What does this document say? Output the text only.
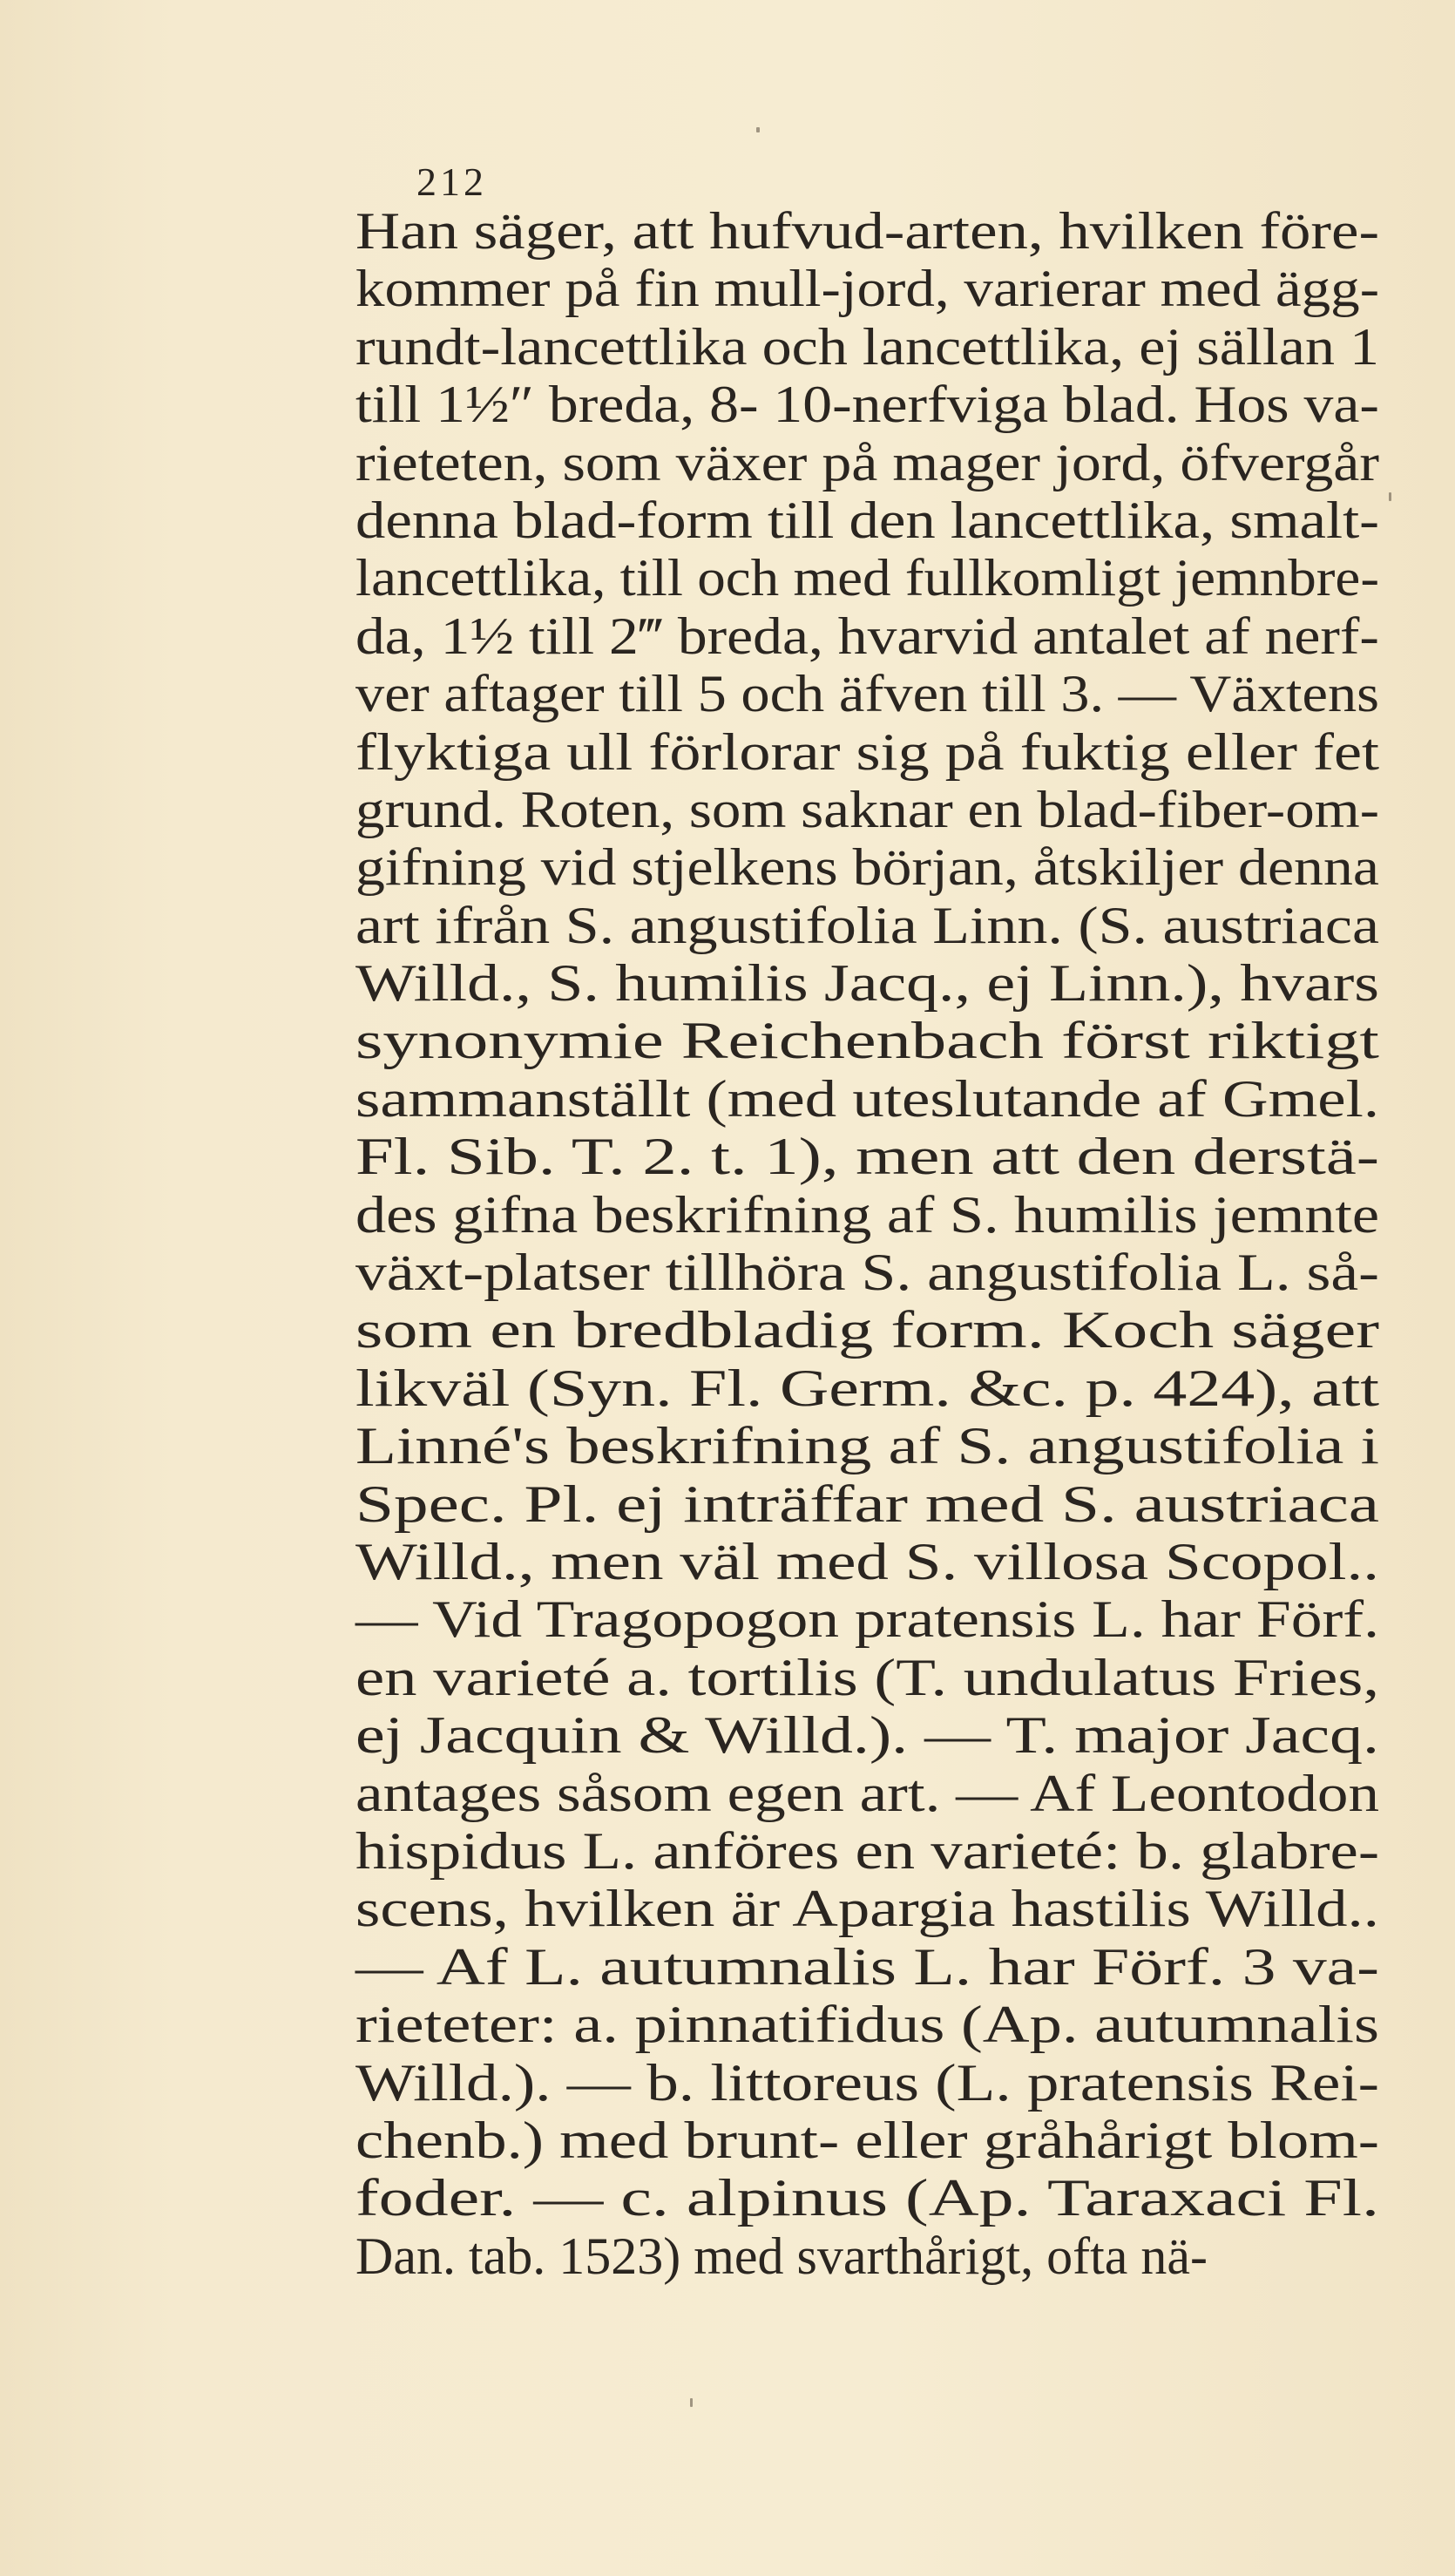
212
Han säger, att hufvud-arten, hvilken före-
kommer på fin mull-jord, varierar med ägg-
rundt-lancettlika och lancettlika, ej sällan 1
till 1½″ breda, 8- 10-nerfviga blad. Hos va-
rieteten, som växer på mager jord, öfvergår
denna blad-form till den lancettlika, smalt-
lancettlika, till och med fullkomligt jemnbre-
da, 1½ till 2‴ breda, hvarvid antalet af nerf-
ver aftager till 5 och äfven till 3. — Växtens
flyktiga ull förlorar sig på fuktig eller fet
grund. Roten, som saknar en blad-fiber-om-
gifning vid stjelkens början, åtskiljer denna
art ifrån S. angustifolia Linn. (S. austriaca
Willd., S. humilis Jacq., ej Linn.), hvars
synonymie Reichenbach först riktigt
sammanställt (med uteslutande af Gmel.
Fl. Sib. T. 2. t. 1), men att den derstä-
des gifna beskrifning af S. humilis jemnte
växt-platser tillhöra S. angustifolia L. så-
som en bredbladig form. Koch säger
likväl (Syn. Fl. Germ. &c. p. 424), att
Linné's beskrifning af S. angustifolia i
Spec. Pl. ej inträffar med S. austriaca
Willd., men väl med S. villosa Scopol..
— Vid Tragopogon pratensis L. har Förf.
en varieté a. tortilis (T. undulatus Fries,
ej Jacquin & Willd.). — T. major Jacq.
antages såsom egen art. — Af Leontodon
hispidus L. anföres en varieté: b. glabre-
scens, hvilken är Apargia hastilis Willd..
— Af L. autumnalis L. har Förf. 3 va-
rieteter: a. pinnatifidus (Ap. autumnalis
Willd.). — b. littoreus (L. pratensis Rei-
chenb.) med brunt- eller gråhårigt blom-
foder. — c. alpinus (Ap. Taraxaci Fl.
Dan. tab. 1523) med svarthårigt, ofta nä-
